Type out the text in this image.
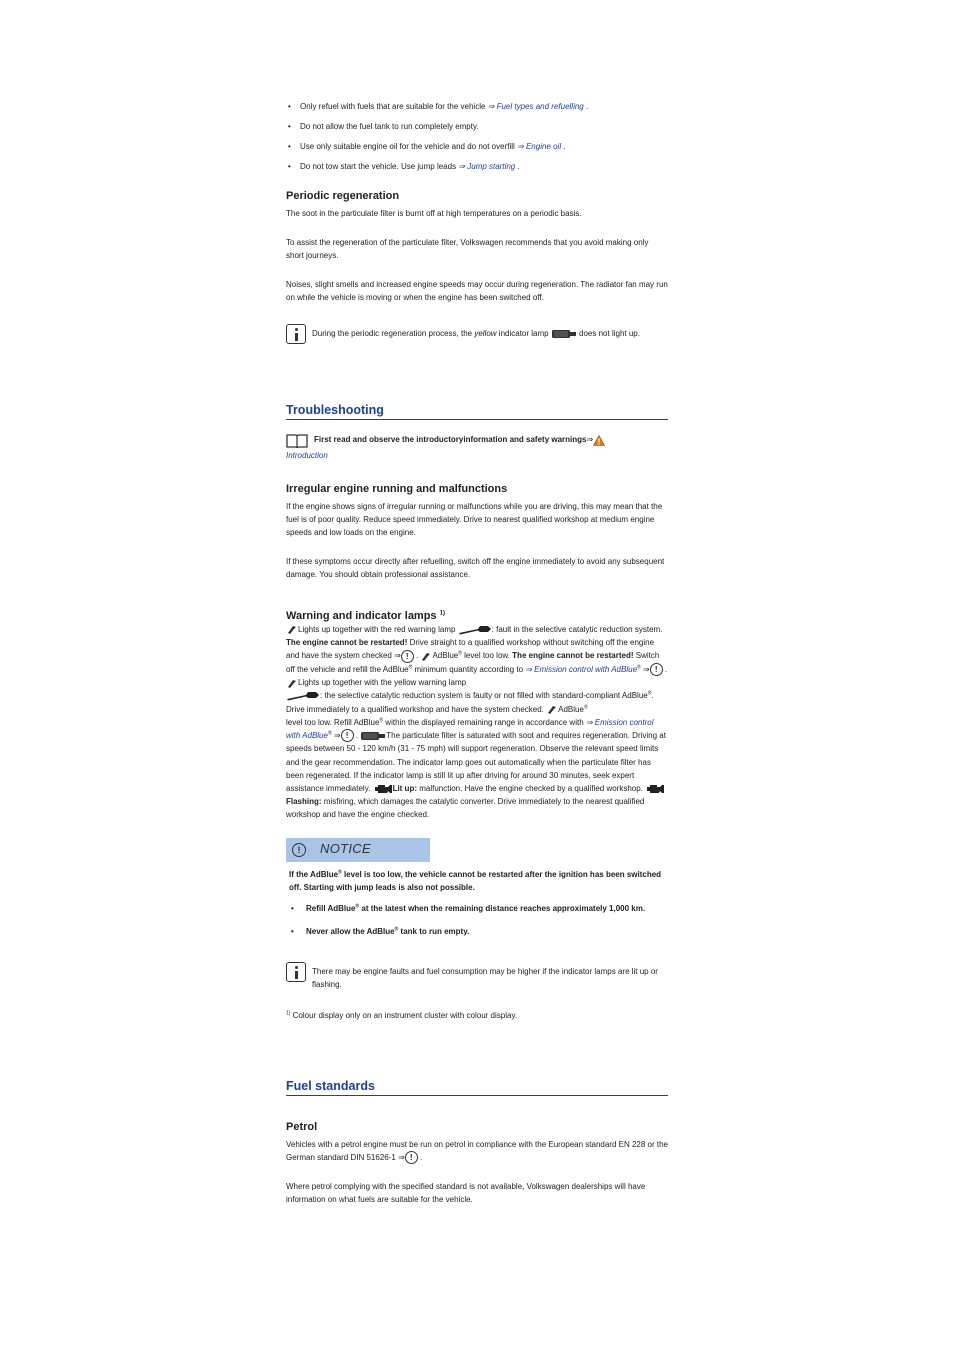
• Only refuel with fuels that are suitable for the vehicle ⇒ Fuel types and refuelling .
• Do not allow the fuel tank to run completely empty.
• Use only suitable engine oil for the vehicle and do not overfill ⇒ Engine oil .
• Do not tow start the vehicle. Use jump leads ⇒ Jump starting .
Periodic regeneration

The soot in the particulate filter is burnt off at high temperatures on a periodic basis.

To assist the regeneration of the particulate filter, Volkswagen recommends that you avoid making only short journeys.

Noises, slight smells and increased engine speeds may occur during regeneration. The radiator fan may run on while the vehicle is moving or when the engine has been switched off.

During the periodic regeneration process, the yellow indicator lamp	does not light up.
Troubleshooting
First read and observe the introductoryinformation and safety warnings⇒
Introduction
Irregular engine running and malfunctions

If the engine shows signs of irregular running or malfunctions while you are driving, this may mean that the fuel is of poor quality. Reduce speed immediately. Drive to nearest qualified workshop at medium engine speeds and low loads on the engine.

If these symptoms occur directly after refuelling, switch off the engine immediately to avoid any subsequent damage. You should obtain professional assistance.

Warning and indicator lamps $^{1)}$
Lights up together with the red warning lamp	: fault in the selective catalytic reduction system. The engine cannot be restarted! Drive straight to a qualified workshop without switching off the engine and have the system checked ⇒ ! . AdBlue® level too low. The engine cannot be restarted! Switch off the vehicle and refill the AdBlue® minimum quantity according to ⇒ Emission control with AdBlue® ⇒ ! . Lights up together with the yellow warning lamp
: the selective catalytic reduction system is faulty or not filled with standard-compliant AdBlue®. Drive immediately to a qualified workshop and have the system checked. AdBlue®
level too low. Refill AdBlue® within the displayed remaining range in accordance with ⇒ Emission control with AdBlue® ⇒ ! .	The particulate filter is saturated with soot and requires regeneration. Driving at speeds between 50 - 120 km/h (31 - 75 mph) will support regeneration. Observe the relevant speed limits and the gear recommendation. The indicator lamp goes out automatically when the particulate filter has been regenerated. If the indicator lamp is still lit up after driving for around 30 minutes, seek expert assistance immediately.	Lit up: malfunction. Have the engine checked by a qualified workshop. Flashing: misfiring, which damages the catalytic converter. Drive immediately to the nearest qualified workshop and have the engine checked.
!	NOTICE
If the AdBlue® level is too low, the vehicle cannot be restarted after the ignition has been switched off. Starting with jump leads is also not possible.
• Refill AdBlue® at the latest when the remaining distance reaches approximately 1,000 km.
• Never allow the AdBlue® tank to run empty.
There may be engine faults and fuel consumption may be higher if the indicator lamps are lit up or flashing.
$^{1)}$ Colour display only on an instrument cluster with colour display.
Fuel standards
Petrol

Vehicles with a petrol engine must be run on petrol in compliance with the European standard EN 228 or the German standard DIN 51626-1 ⇒ ! .

Where petrol complying with the specified standard is not available, Volkswagen dealerships will have information on what fuels are suitable for the vehicle.
